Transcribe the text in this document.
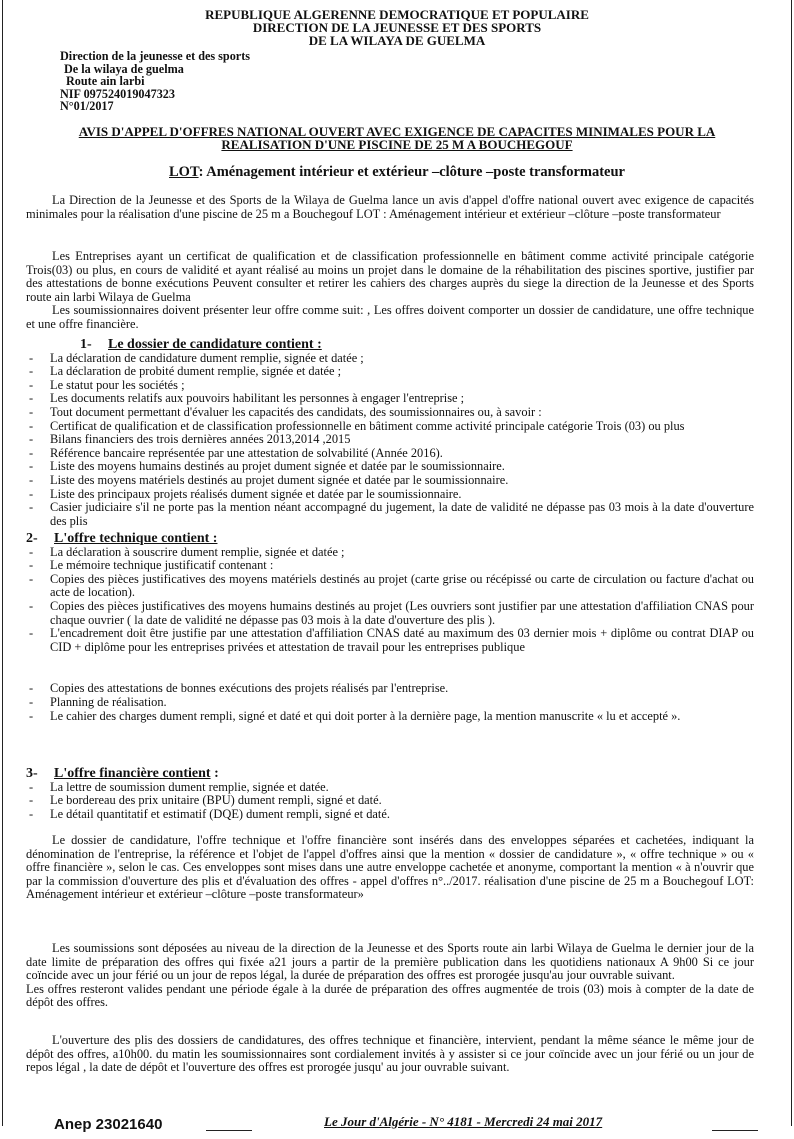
REPUBLIQUE ALGERENNE DEMOCRATIQUE ET POPULAIRE
DIRECTION DE LA JEUNESSE ET DES SPORTS
DE LA WILAYA DE GUELMA
Direction de la jeunesse et des sports
De la wilaya de guelma
Route ain larbi
NIF 097524019047323
N°01/2017
AVIS D'APPEL D'OFFRES NATIONAL OUVERT AVEC EXIGENCE DE CAPACITES MINIMALES POUR LA REALISATION D'UNE PISCINE DE 25 M A BOUCHEGOUF
LOT: Aménagement intérieur et extérieur –clôture –poste transformateur

La Direction de la Jeunesse et des Sports de la Wilaya de Guelma lance un avis d'appel d'offre national ouvert avec exigence de capacités minimales pour la réalisation d'une piscine de 25 m a Bouchegouf LOT : Aménagement intérieur et extérieur –clôture –poste transformateur

Les Entreprises ayant un certificat de qualification et de classification professionnelle en bâtiment comme activité principale catégorie Trois(03) ou plus, en cours de validité et ayant réalisé au moins un projet dans le domaine de la réhabilitation des piscines sportive, justifier par des attestations de bonne exécutions Peuvent consulter et retirer les cahiers des charges auprès du siege la direction de la Jeunesse et des Sports route ain larbi Wilaya de Guelma

Les soumissionnaires doivent présenter leur offre comme suit: , Les offres doivent comporter un dossier de candidature, une offre technique et une offre financière.

1- Le dossier de candidature contient :
- La déclaration de candidature dument remplie, signée et datée ;
- La déclaration de probité dument remplie, signée et datée ;
- Le statut pour les sociétés ;
- Les documents relatifs aux pouvoirs habilitant les personnes à engager l'entreprise ;
- Tout document permettant d'évaluer les capacités des candidats, des soumissionnaires ou, à savoir :
- Certificat de qualification et de classification professionnelle en bâtiment comme activité principale catégorie Trois (03) ou plus
- Bilans financiers des trois dernières années 2013,2014 ,2015
- Référence bancaire représentée par une attestation de solvabilité (Année 2016).
- Liste des moyens humains destinés au projet dument signée et datée par le soumissionnaire.
- Liste des moyens matériels destinés au projet dument signée et datée par le soumissionnaire.
- Liste des principaux projets réalisés dument signée et datée par le soumissionnaire.
- Casier judiciaire s'il ne porte pas la mention néant accompagné du jugement, la date de validité ne dépasse pas 03 mois à la date d'ouverture des plis
2- L'offre technique contient :
- La déclaration à souscrire dument remplie, signée et datée ;
- Le mémoire technique justificatif contenant :
- Copies des pièces justificatives des moyens matériels destinés au projet (carte grise ou récépissé ou carte de circulation ou facture d'achat ou acte de location).
- Copies des pièces justificatives des moyens humains destinés au projet (Les ouvriers sont justifier par une attestation d'affiliation CNAS pour chaque ouvrier ( la date de validité ne dépasse pas 03 mois à la date d'ouverture des plis ).
- L'encadrement doit être justifie par une attestation d'affiliation CNAS daté au maximum des 03 dernier mois + diplôme ou contrat DIAP ou CID + diplôme pour les entreprises privées et attestation de travail pour les entreprises publique
- Copies des attestations de bonnes exécutions des projets réalisés par l'entreprise.
- Planning de réalisation.
- Le cahier des charges dument rempli, signé et daté et qui doit porter à la dernière page, la mention manuscrite « lu et accepté ».
3- L'offre financière contient :
- La lettre de soumission dument remplie, signée et datée.
- Le bordereau des prix unitaire (BPU) dument rempli, signé et daté.
- Le détail quantitatif et estimatif (DQE) dument rempli, signé et daté.

Le dossier de candidature, l'offre technique et l'offre financière sont insérés dans des enveloppes séparées et cachetées, indiquant la dénomination de l'entreprise, la référence et l'objet de l'appel d'offres ainsi que la mention « dossier de candidature », « offre technique » ou « offre financière », selon le cas. Ces enveloppes sont mises dans une autre enveloppe cachetée et anonyme, comportant la mention « à n'ouvrir que par la commission d'ouverture des plis et d'évaluation des offres - appel d'offres n°../2017. réalisation d'une piscine de 25 m a Bouchegouf LOT: Aménagement intérieur et extérieur –clôture –poste transformateur»

Les soumissions sont déposées au niveau de la direction de la Jeunesse et des Sports route ain larbi Wilaya de Guelma le dernier jour de la date limite de préparation des offres qui fixée a21 jours a partir de la première publication dans les quotidiens nationaux A 9h00 Si ce jour coïncide avec un jour férié ou un jour de repos légal, la durée de préparation des offres est prorogée jusqu'au jour ouvrable suivant.

Les offres resteront valides pendant une période égale à la durée de préparation des offres augmentée de trois (03) mois à compter de la date de dépôt des offres.

L'ouverture des plis des dossiers de candidatures, des offres technique et financière, intervient, pendant la même séance le même jour de dépôt des offres, a10h00. du matin les soumissionnaires sont cordialement invités à y assister si ce jour coïncide avec un jour férié ou un jour de repos légal , la date de dépôt et l'ouverture des offres est prorogée jusqu' au jour ouvrable suivant.

Anep 23021640	Le Jour d'Algérie - N° 4181 - Mercredi 24 mai 2017
